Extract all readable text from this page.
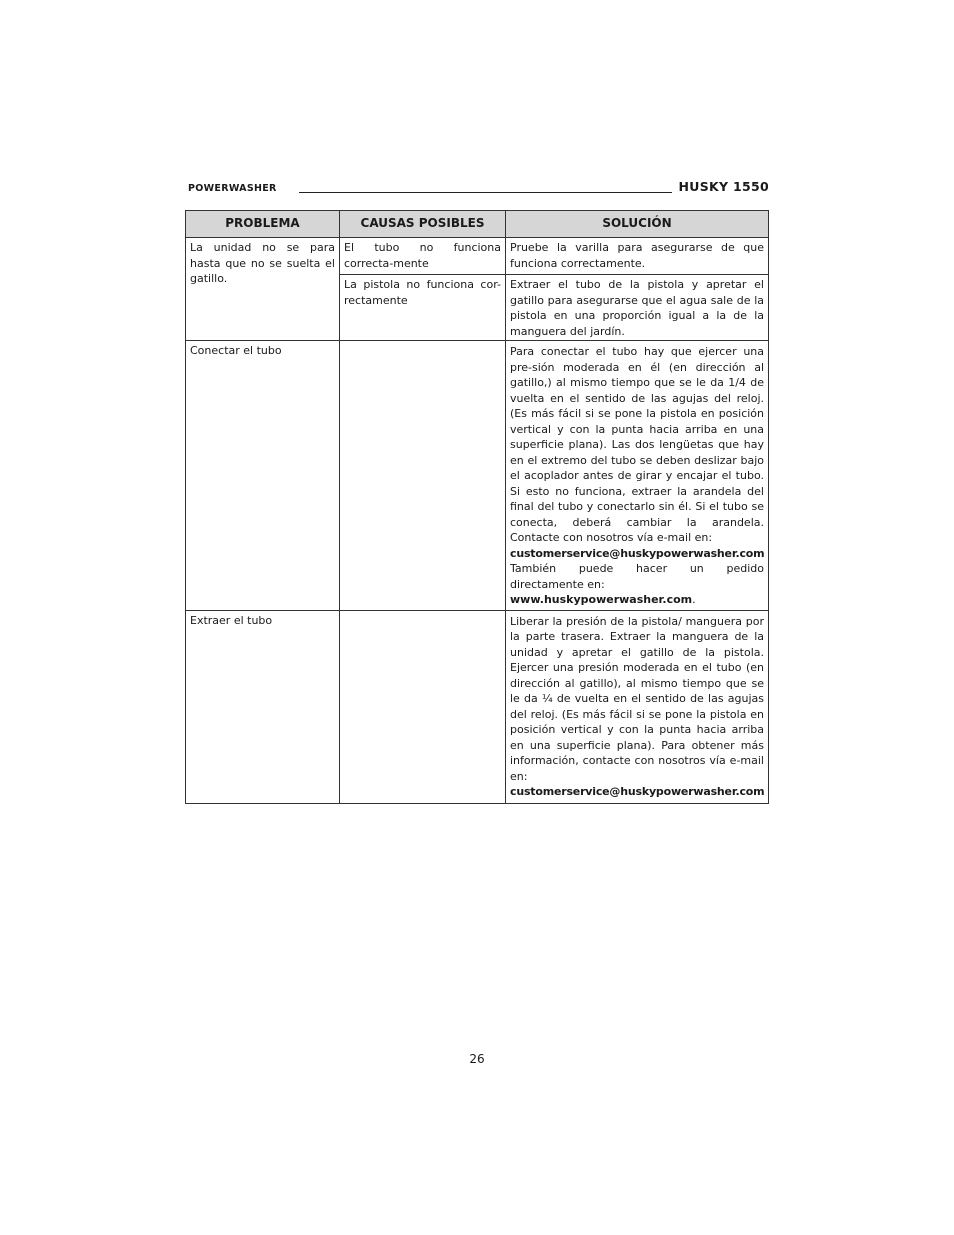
POWERWASHER	HUSKY 1550
PROBLEMA	CAUSAS POSIBLES	SOLUCIÓN
La unidad no se para hasta que no se suelta el gatillo.	El tubo no funciona correcta-mente	Pruebe la varilla para asegurarse de que funciona correctamente.
	La pistola no funciona cor-rectamente	Extraer el tubo de la pistola y apretar el gatillo para asegurarse que el agua sale de la pistola en una proporción igual a la de la manguera del jardín.
Conectar el tubo		Para conectar el tubo hay que ejercer una pre-sión moderada en él (en dirección al gatillo,) al mismo tiempo que se le da 1/4 de vuelta en el sentido de las agujas del reloj. (Es más fácil si se pone la pistola en posición vertical y con la punta hacia arriba en una superficie plana). Las dos lengüetas que hay en el extremo del tubo se deben deslizar bajo el acoplador antes de girar y encajar el tubo. Si esto no funciona, extraer la arandela del final del tubo y conectarlo sin él. Si el tubo se conecta, deberá cambiar la arandela. Contacte con nosotros vía e-mail en:
customerservice@huskypowerwasher.com
También puede hacer un pedido directamente en:
www.huskypowerwasher.com.
Extraer el tubo		Liberar la presión de la pistola/ manguera por la parte trasera. Extraer la manguera de la unidad y apretar el gatillo de la pistola. Ejercer una presión moderada en el tubo (en dirección al gatillo), al mismo tiempo que se le da ¼ de vuelta en el sentido de las agujas del reloj. (Es más fácil si se pone la pistola en posición vertical y con la punta hacia arriba en una superficie plana). Para obtener más información, contacte con nosotros vía e-mail en:
customerservice@huskypowerwasher.com
26
